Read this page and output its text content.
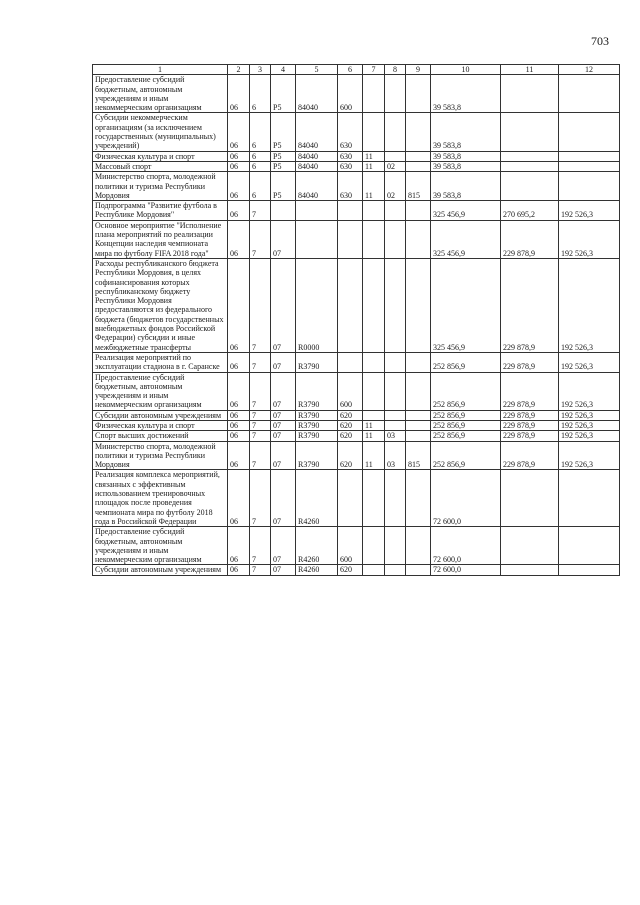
703
1	2	3	4	5	6	7	8	9	10	11	12
Предоставление субсидий бюджетным, автономным учреждениям и иным некоммерческим организациям	06	6	P5	84040	600				39 583,8		
Субсидии некоммерческим организациям (за исключением государственных (муниципальных) учреждений)	06	6	P5	84040	630				39 583,8		
Физическая культура и спорт	06	6	P5	84040	630	11			39 583,8		
Массовый спорт	06	6	P5	84040	630	11	02		39 583,8		
Министерство спорта, молодежной политики и туризма Республики Мордовия	06	6	P5	84040	630	11	02	815	39 583,8		
Подпрограмма "Развитие футбола в Республике Мордовия"	06	7							325 456,9	270 695,2	192 526,3
Основное мероприятие "Исполнение плана мероприятий по реализации Концепции наследия чемпионата мира по футболу FIFA 2018 года"	06	7	07						325 456,9	229 878,9	192 526,3
Расходы республиканского бюджета Республики Мордовия, в целях софинансирования которых республиканскому бюджету Республики Мордовия предоставляются из федерального бюджета (бюджетов государственных внебюджетных фондов Российской Федерации) субсидии и иные межбюджетные трансферты	06	7	07	R0000					325 456,9	229 878,9	192 526,3
Реализация мероприятий по эксплуатации стадиона в г. Саранске	06	7	07	R3790					252 856,9	229 878,9	192 526,3
Предоставление субсидий бюджетным, автономным учреждениям и иным некоммерческим организациям	06	7	07	R3790	600				252 856,9	229 878,9	192 526,3
Субсидии автономным учреждениям	06	7	07	R3790	620				252 856,9	229 878,9	192 526,3
Физическая культура и спорт	06	7	07	R3790	620	11			252 856,9	229 878,9	192 526,3
Спорт высших достижений	06	7	07	R3790	620	11	03		252 856,9	229 878,9	192 526,3
Министерство спорта, молодежной политики и туризма Республики Мордовия	06	7	07	R3790	620	11	03	815	252 856,9	229 878,9	192 526,3
Реализация комплекса мероприятий, связанных с эффективным использованием тренировочных площадок после проведения чемпионата мира по футболу 2018 года в Российской Федерации	06	7	07	R4260					72 600,0		
Предоставление субсидий бюджетным, автономным учреждениям и иным некоммерческим организациям	06	7	07	R4260	600				72 600,0		
Субсидии автономным учреждениям	06	7	07	R4260	620				72 600,0		
